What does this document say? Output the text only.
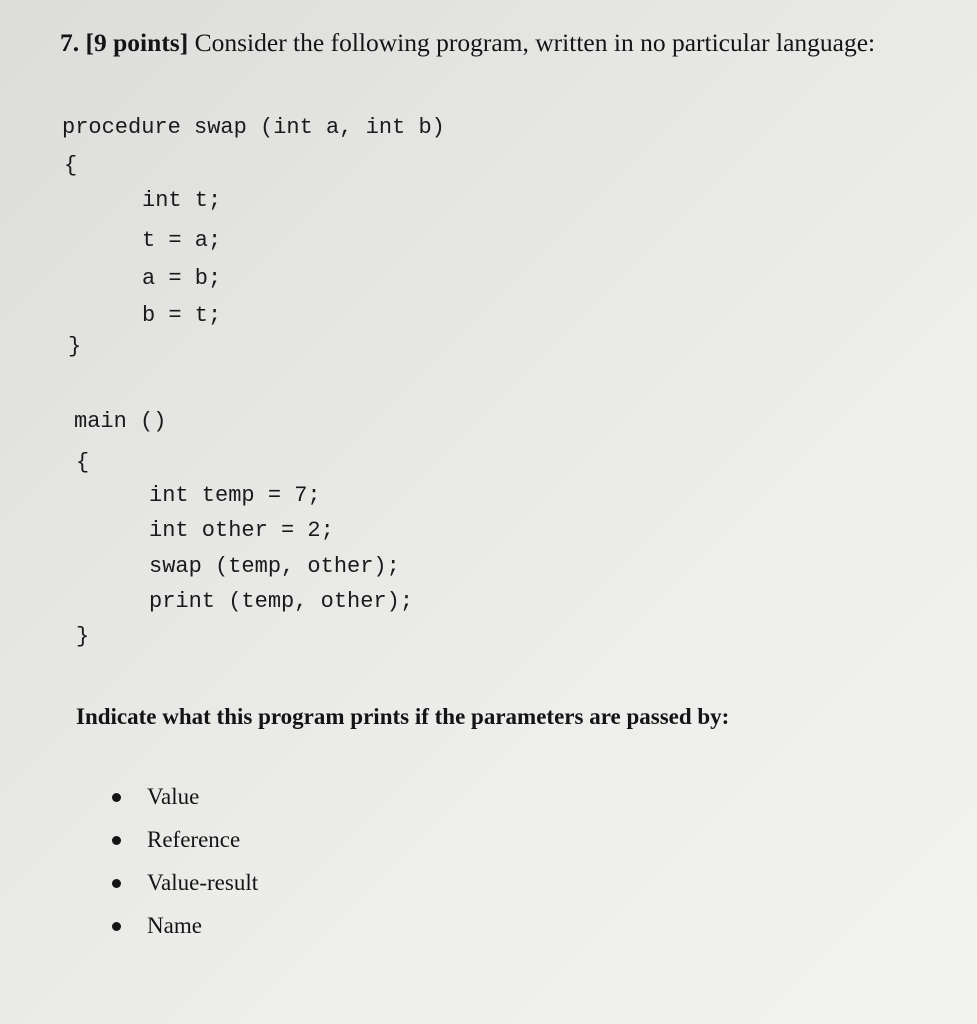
7. [9 points] Consider the following program, written in no particular language:
procedure swap (int a, int b)
{
int t;
t = a;
a = b;
b = t;
}
main ()
{
int temp = 7;
int other = 2;
swap (temp, other);
print (temp, other);
}
Indicate what this program prints if the parameters are passed by:
Value
Reference
Value-result
Name
